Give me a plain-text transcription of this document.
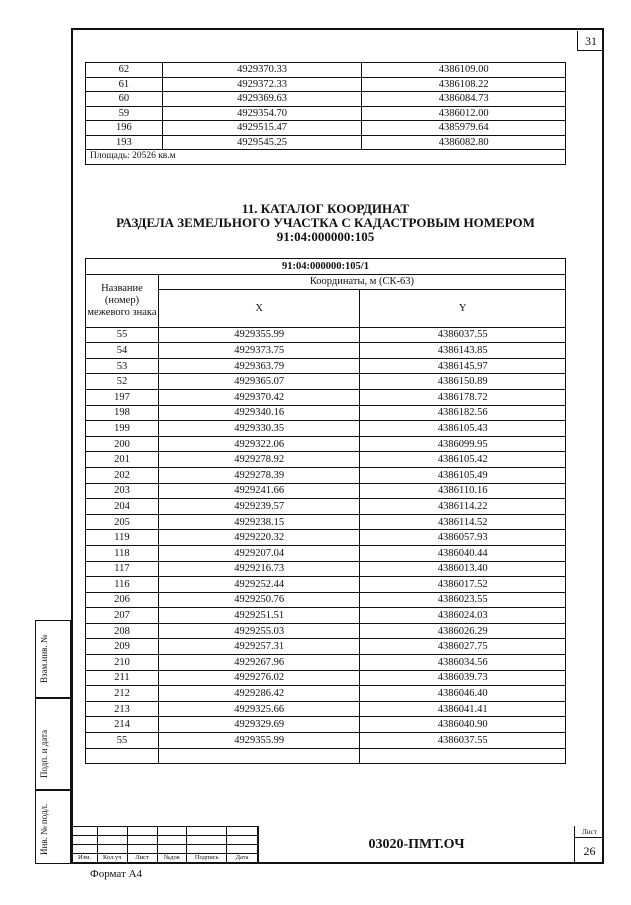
31
62	4929370.33	4386109.00
61	4929372.33	4386108.22
60	4929369.63	4386084.73
59	4929354.70	4386012.00
196	4929515.47	4385979.64
193	4929545.25	4386082.80
Площадь: 20526 кв.м		
11. КАТАЛОГ КООРДИНАТ
РАЗДЕЛА ЗЕМЕЛЬНОГО УЧАСТКА С КАДАСТРОВЫМ НОМЕРОМ
91:04:000000:105
91:04:000000:105/1		
Название (номер) межевого знака	Координаты, м (СК-63)	
	X	Y
55	4929355.99	4386037.55
54	4929373.75	4386143.85
53	4929363.79	4386145.97
52	4929365.07	4386150.89
197	4929370.42	4386178.72
198	4929340.16	4386182.56
199	4929330.35	4386105.43
200	4929322.06	4386099.95
201	4929278.92	4386105.42
202	4929278.39	4386105.49
203	4929241.66	4386110.16
204	4929239.57	4386114.22
205	4929238.15	4386114.52
119	4929220.32	4386057.93
118	4929207.04	4386040.44
117	4929216.73	4386013.40
116	4929252.44	4386017.52
206	4929250.76	4386023.55
207	4929251.51	4386024.03
208	4929255.03	4386026.29
209	4929257.31	4386027.75
210	4929267.96	4386034.56
211	4929276.02	4386039.73
212	4929286.42	4386046.40
213	4929325.66	4386041.41
214	4929329.69	4386040.90
55	4929355.99	4386037.55

Взам.инв. №
Подп. и дата
Инв. № подл.

Изм.	Кол.уч	Лист	№док	Подпись	Дата
03020-ПМТ.ОЧ
Лист
26
Формат А4
